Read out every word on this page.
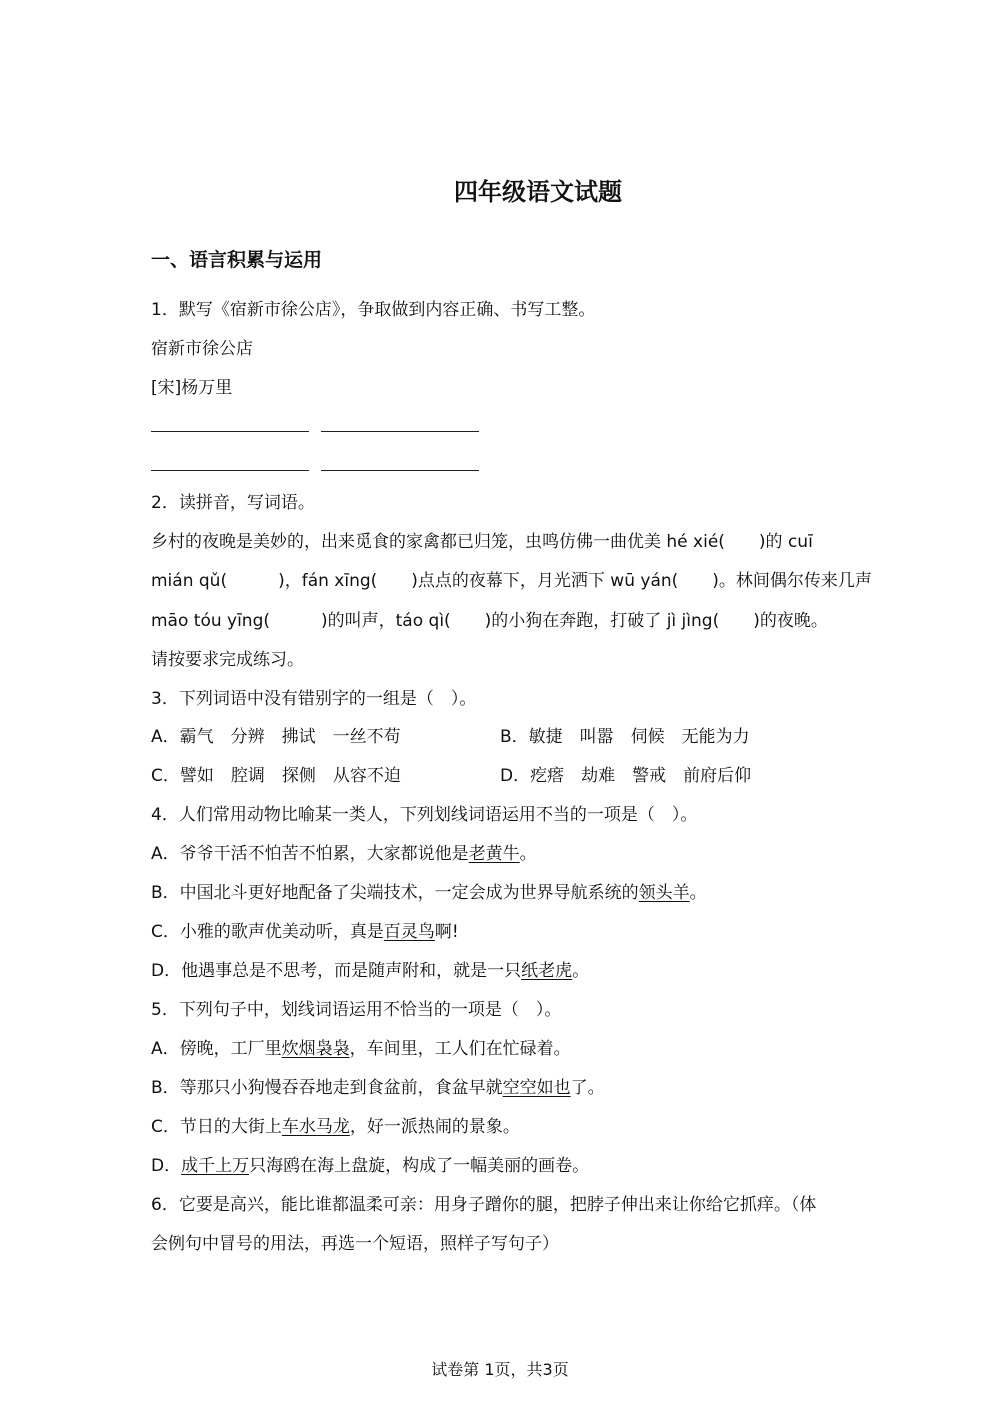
四年级语文试题
一、语言积累与运用
1．默写《宿新市徐公店》，争取做到内容正确、书写工整。
宿新市徐公店
[宋]杨万里
2．读拼音，写词语。
乡村的夜晚是美妙的，出来觅食的家禽都已归笼，虫鸣仿佛一曲优美 hé xié(　　)的 cuī
mián qǔ(　　　)，fán xīng(　　)点点的夜幕下，月光洒下 wū yán(　　)。林间偶尔传来几声
māo tóu yīng(　　　)的叫声，táo qì(　　)的小狗在奔跑，打破了 jì jìng(　　)的夜晚。
请按要求完成练习。
3．下列词语中没有错别字的一组是（　）。
A．霸气　分辨　拂试　一丝不苟	B．敏捷　叫嚣　伺候　无能为力
C．譬如　腔调　探侧　从容不迫	D．疙瘩　劫难　警戒　前府后仰
4．人们常用动物比喻某一类人，下列划线词语运用不当的一项是（　）。
A．爷爷干活不怕苦不怕累，大家都说他是老黄牛。
B．中国北斗更好地配备了尖端技术，一定会成为世界导航系统的领头羊。
C．小雅的歌声优美动听，真是百灵鸟啊!
D．他遇事总是不思考，而是随声附和，就是一只纸老虎。
5．下列句子中，划线词语运用不恰当的一项是（　）。
A．傍晚，工厂里炊烟袅袅，车间里，工人们在忙碌着。
B．等那只小狗慢吞吞地走到食盆前，食盆早就空空如也了。
C．节日的大街上车水马龙，好一派热闹的景象。
D．成千上万只海鸥在海上盘旋，构成了一幅美丽的画卷。
6．它要是高兴，能比谁都温柔可亲：用身子蹭你的腿，把脖子伸出来让你给它抓痒。（体
会例句中冒号的用法，再选一个短语，照样子写句子）
试卷第 1页，共3页
